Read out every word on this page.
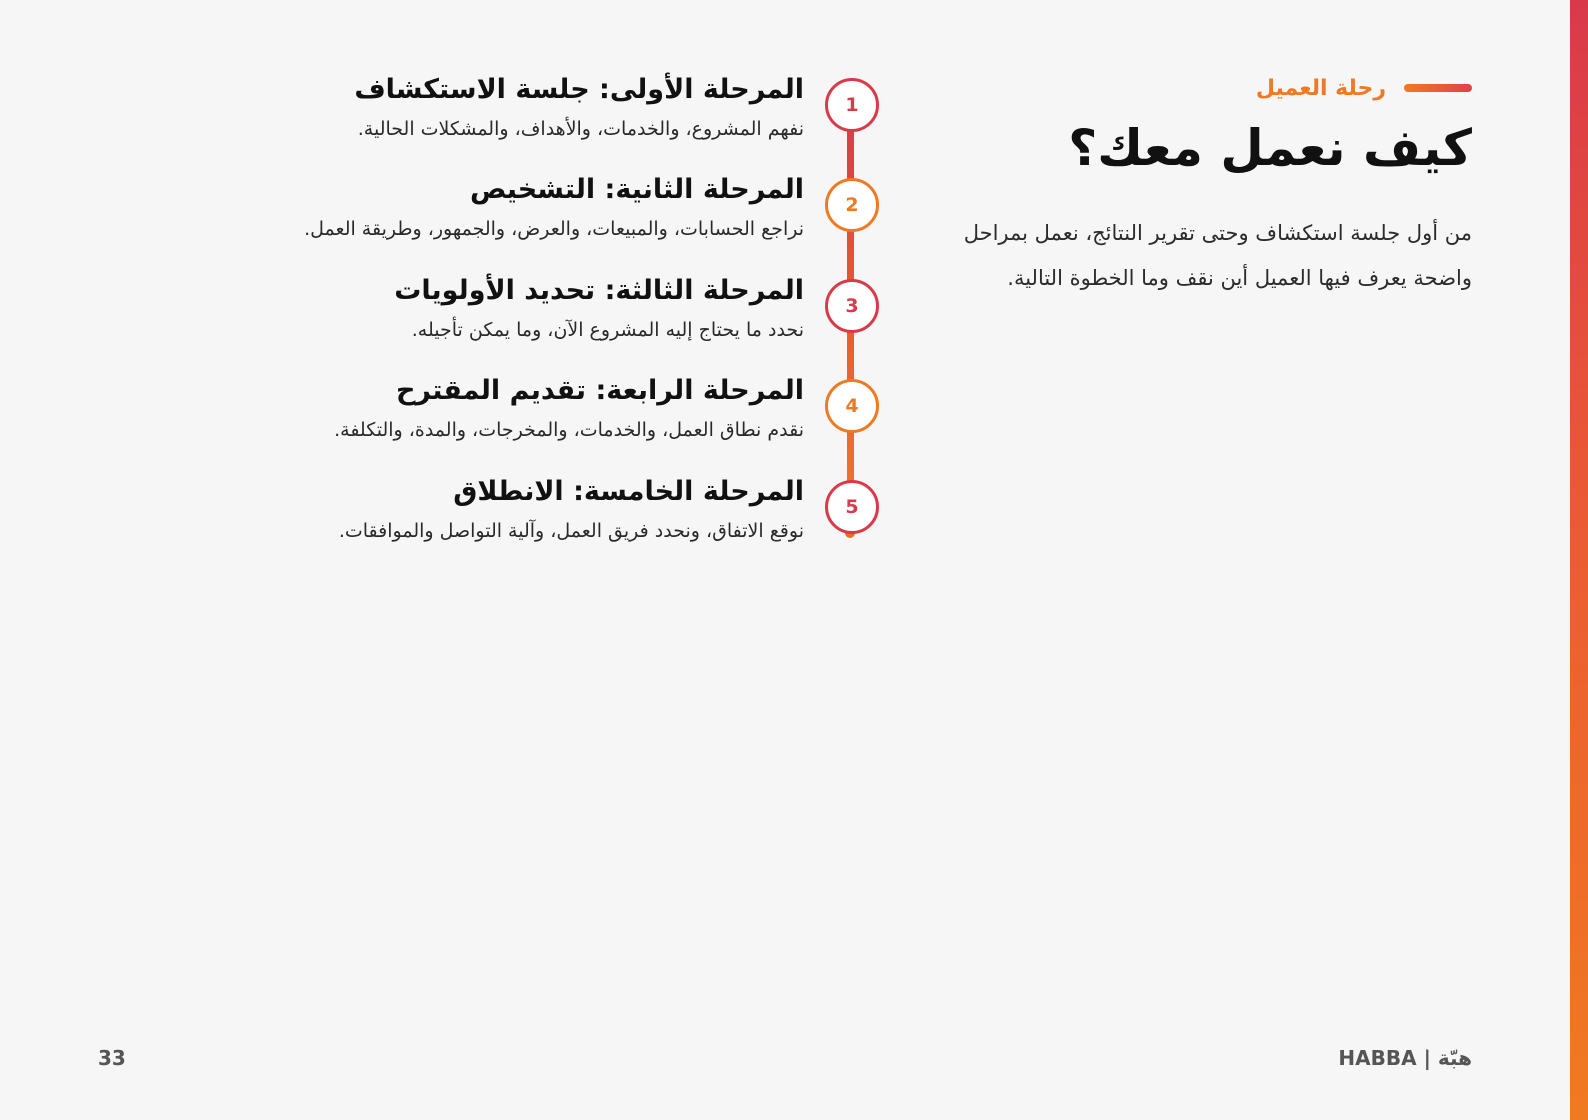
رحلة العميل
كيف نعمل معك؟

من أول جلسة استكشاف وحتى تقرير النتائج، نعمل بمراحل واضحة يعرف فيها العميل أين نقف وما الخطوة التالية.

1
المرحلة الأولى: جلسة الاستكشاف

نفهم المشروع، والخدمات، والأهداف، والمشكلات الحالية.

2
المرحلة الثانية: التشخيص

نراجع الحسابات، والمبيعات، والعرض، والجمهور، وطريقة العمل.

3
المرحلة الثالثة: تحديد الأولويات

نحدد ما يحتاج إليه المشروع الآن، وما يمكن تأجيله.

4
المرحلة الرابعة: تقديم المقترح

نقدم نطاق العمل، والخدمات، والمخرجات، والمدة، والتكلفة.

5
المرحلة الخامسة: الانطلاق

نوقع الاتفاق، ونحدد فريق العمل، وآلية التواصل والموافقات.

هبّة | HABBA
33
